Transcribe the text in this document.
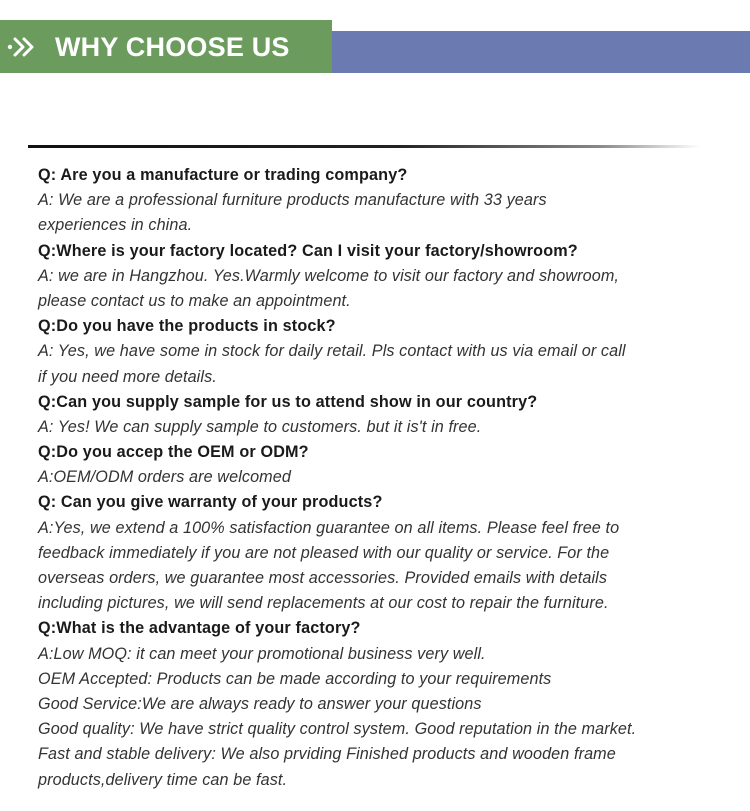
WHY CHOOSE US
Q: Are you a manufacture or trading company?
A: We are a professional furniture products manufacture with 33 years
experiences in china.
Q:Where is your factory located? Can I visit your factory/showroom?
A: we are in Hangzhou. Yes.Warmly welcome to visit our factory and showroom,
please contact us to make an appointment.
Q:Do you have the products in stock?
A: Yes, we have some in stock for daily retail. Pls contact with us via email or call
if you need more details.
Q:Can you supply sample for us to attend show in our country?
A: Yes! We can supply sample to customers. but it is't in free.
Q:Do you accep the OEM or ODM?
A:OEM/ODM orders are welcomed
Q: Can you give warranty of your products?
A:Yes, we extend a 100% satisfaction guarantee on all items. Please feel free to
feedback immediately if you are not pleased with our quality or service. For the
overseas orders, we guarantee most accessories. Provided emails with details
including pictures, we will send replacements at our cost to repair the furniture.
Q:What is the advantage of your factory?
A:Low MOQ: it can meet your promotional business very well.
OEM Accepted: Products can be made according to your requirements
Good Service:We are always ready to answer your questions
Good quality: We have strict quality control system. Good reputation in the market.
Fast and stable delivery: We also prviding Finished products and wooden frame
products,delivery time can be fast.
